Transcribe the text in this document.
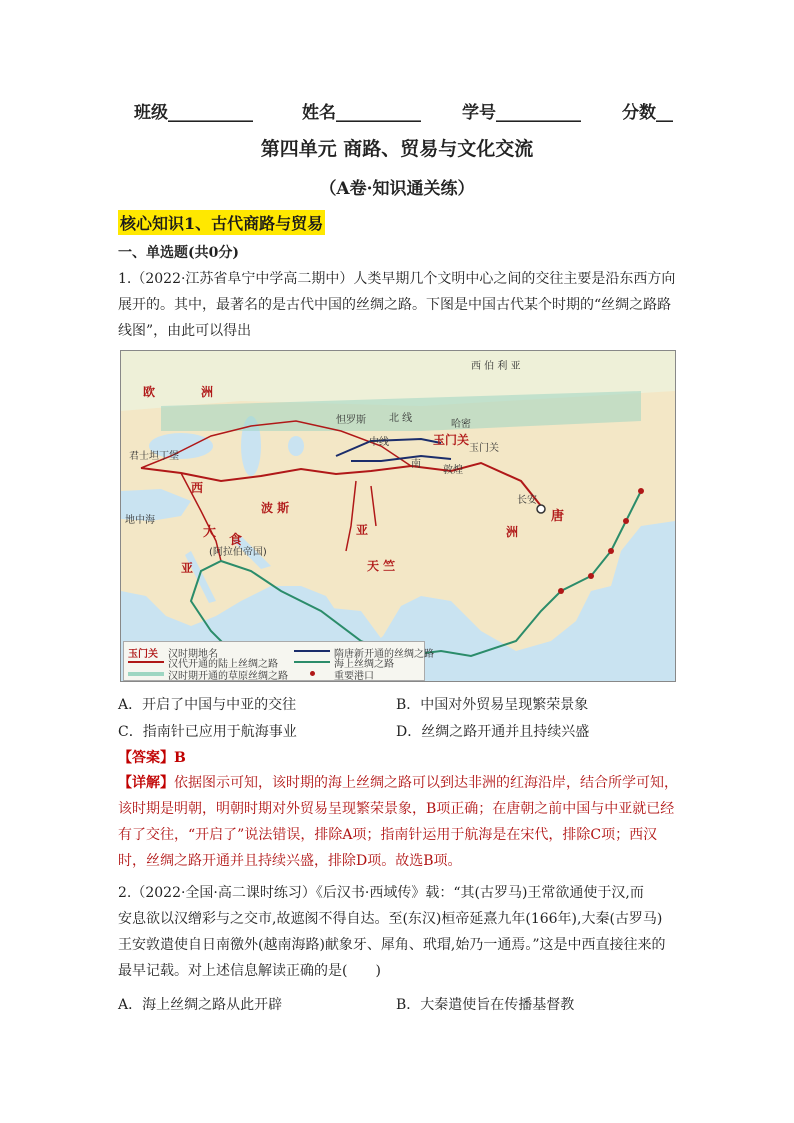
班级__________	姓名__________ 学号__________ 分数__
第四单元 商路、贸易与文化交流
（A卷·知识通关练）
核心知识1、古代商路与贸易
一、单选题(共0分)
1.（2022·江苏省阜宁中学高二期中）人类早期几个文明中心之间的交往主要是沿东西方向
展开的。其中，最著名的是古代中国的丝绸之路。下图是中国古代某个时期的“丝绸之路路
线图”，由此可以得出
西 伯 利 亚
欧	洲
君士坦丁堡
地中海
西
波 斯
大
食
(阿拉伯帝国)
亚
亚
天 竺
怛罗斯 北 线
哈密
玉门关
玉门关
中线
南
敦煌
长安
唐
洲
玉门关 汉时期地名
汉代开通的陆上丝绸之路
汉时期开通的草原丝绸之路
隋唐新开通的丝绸之路
海上丝绸之路
重要港口
A．开启了中国与中亚的交往	B．中国对外贸易呈现繁荣景象
C．指南针已应用于航海事业	D．丝绸之路开通并且持续兴盛
【答案】B
【详解】依据图示可知，该时期的海上丝绸之路可以到达非洲的红海沿岸，结合所学可知，
该时期是明朝，明朝时期对外贸易呈现繁荣景象，B项正确；在唐朝之前中国与中亚就已经
有了交往，“开启了”说法错误，排除A项；指南针运用于航海是在宋代，排除C项；西汉
时，丝绸之路开通并且持续兴盛，排除D项。故选B项。
2.（2022·全国·高二课时练习）《后汉书·西域传》载：“其(古罗马)王常欲通使于汉,而
安息欲以汉缯彩与之交市,故遮阂不得自达。至(东汉)桓帝延熹九年(166年),大秦(古罗马)
王安敦遣使自日南徼外(越南海路)献象牙、犀角、玳瑁,始乃一通焉。”这是中西直接往来的
最早记载。对上述信息解读正确的是(　　)
A．海上丝绸之路从此开辟	B．大秦遣使旨在传播基督教
